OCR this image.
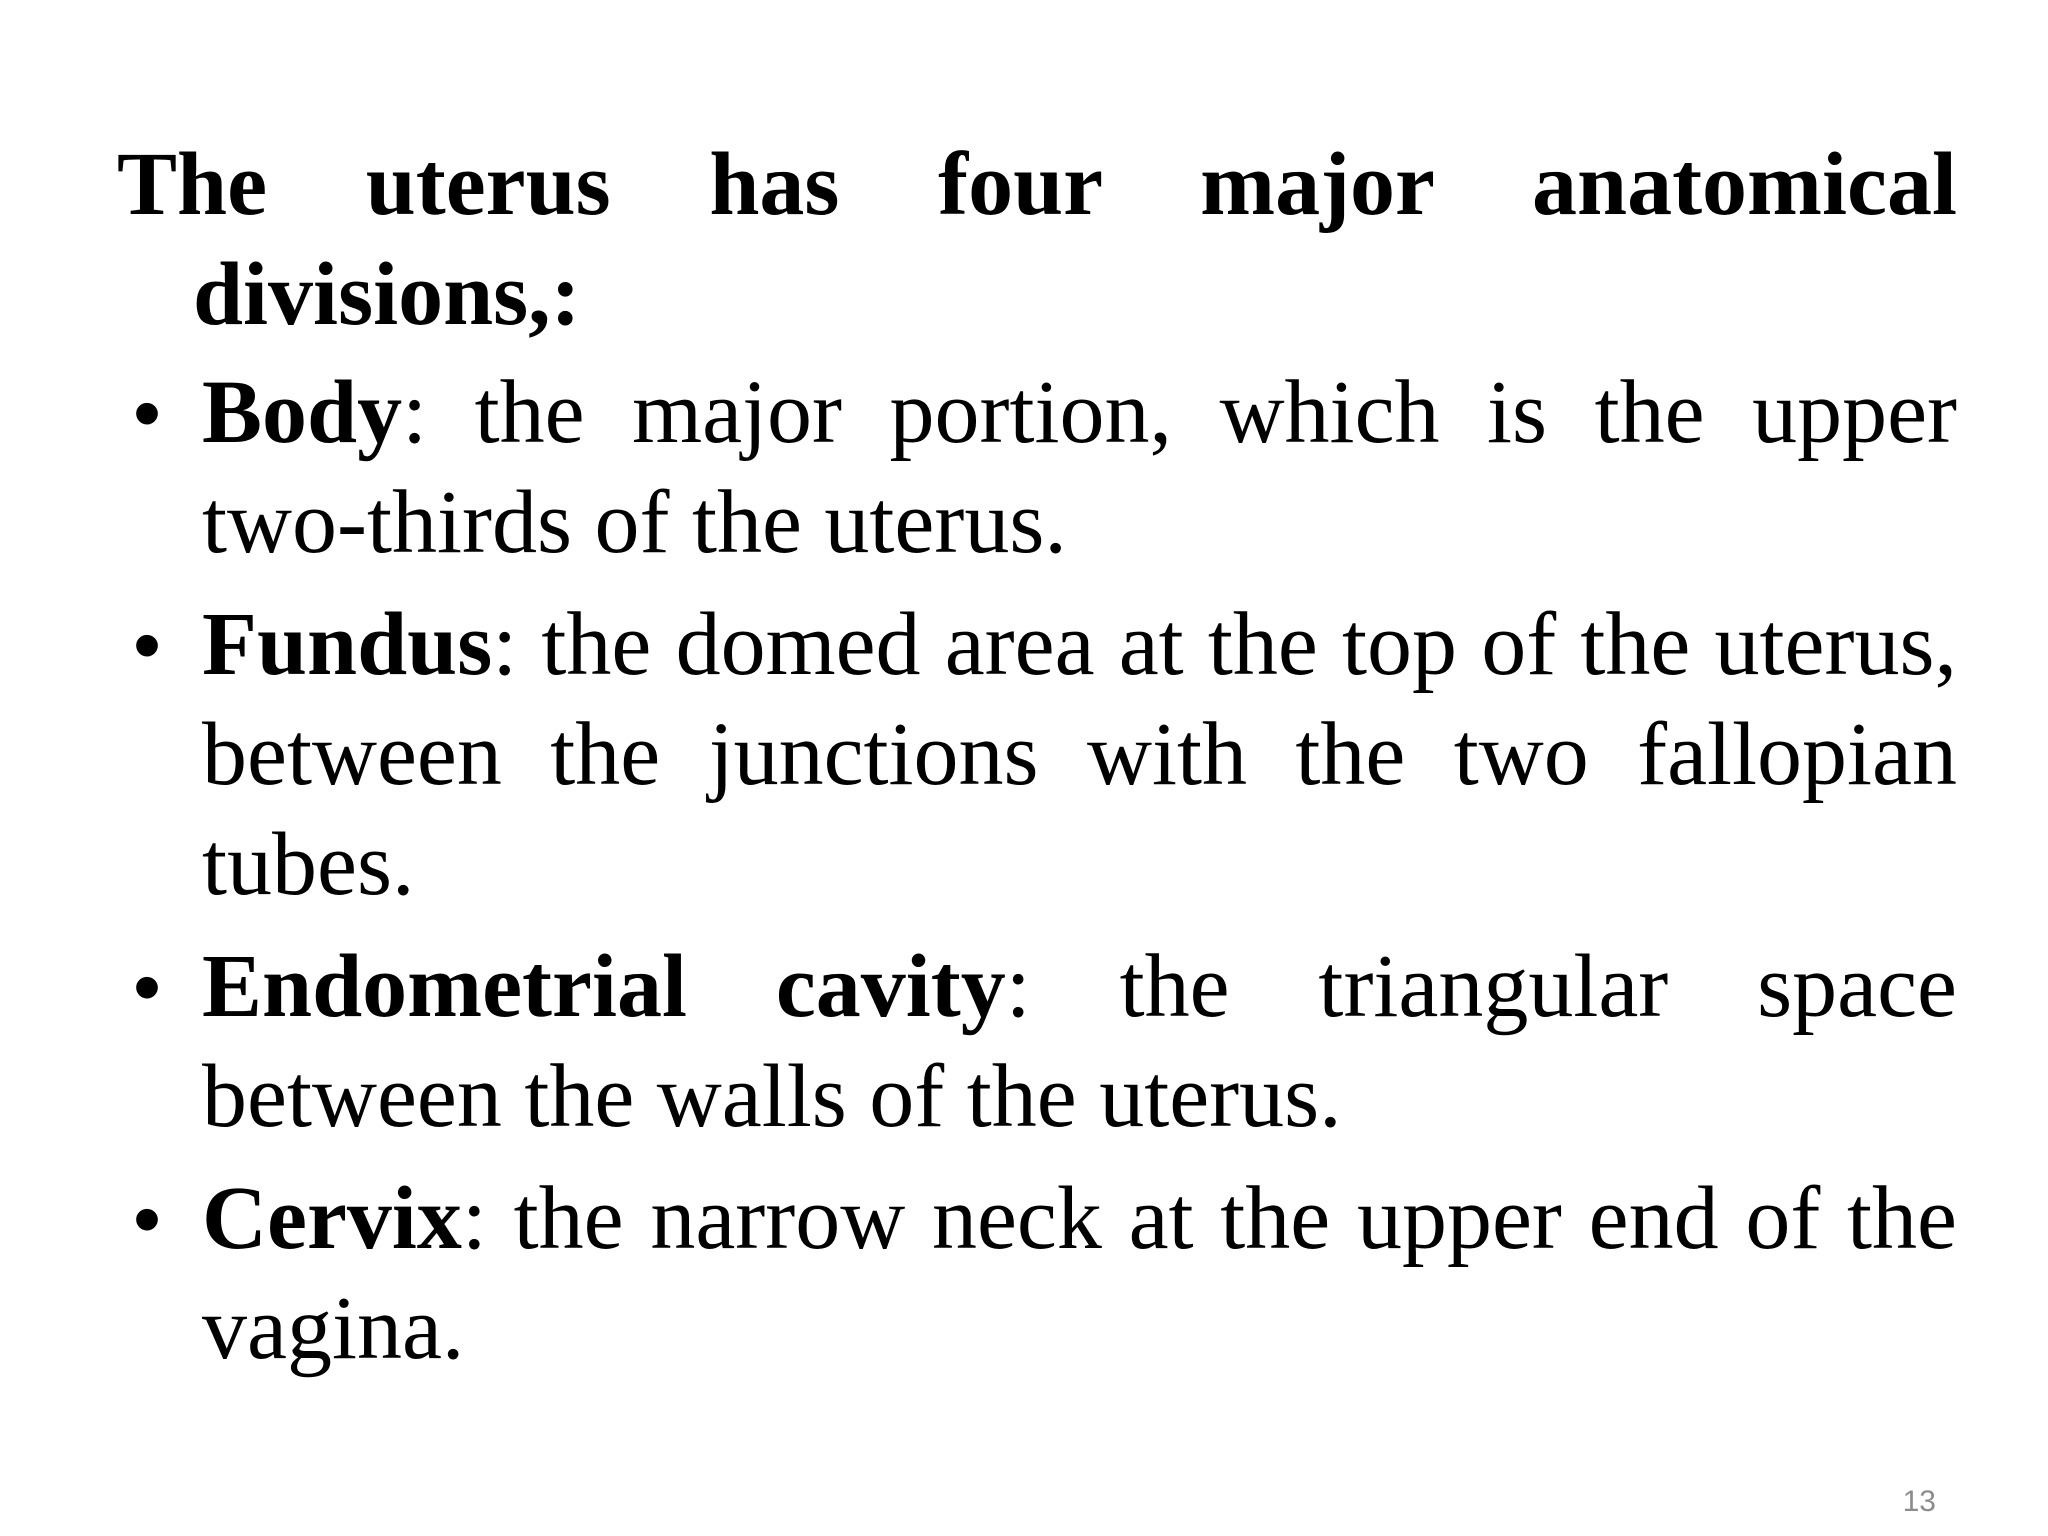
The uterus has four major anatomical divisions,:

• Body: the major portion, which is the upper two-thirds of the uterus.
• Fundus: the domed area at the top of the uterus, between the junctions with the two fallopian tubes.
• Endometrial cavity: the triangular space between the walls of the uterus.
• Cervix: the narrow neck at the upper end of the vagina.
13
